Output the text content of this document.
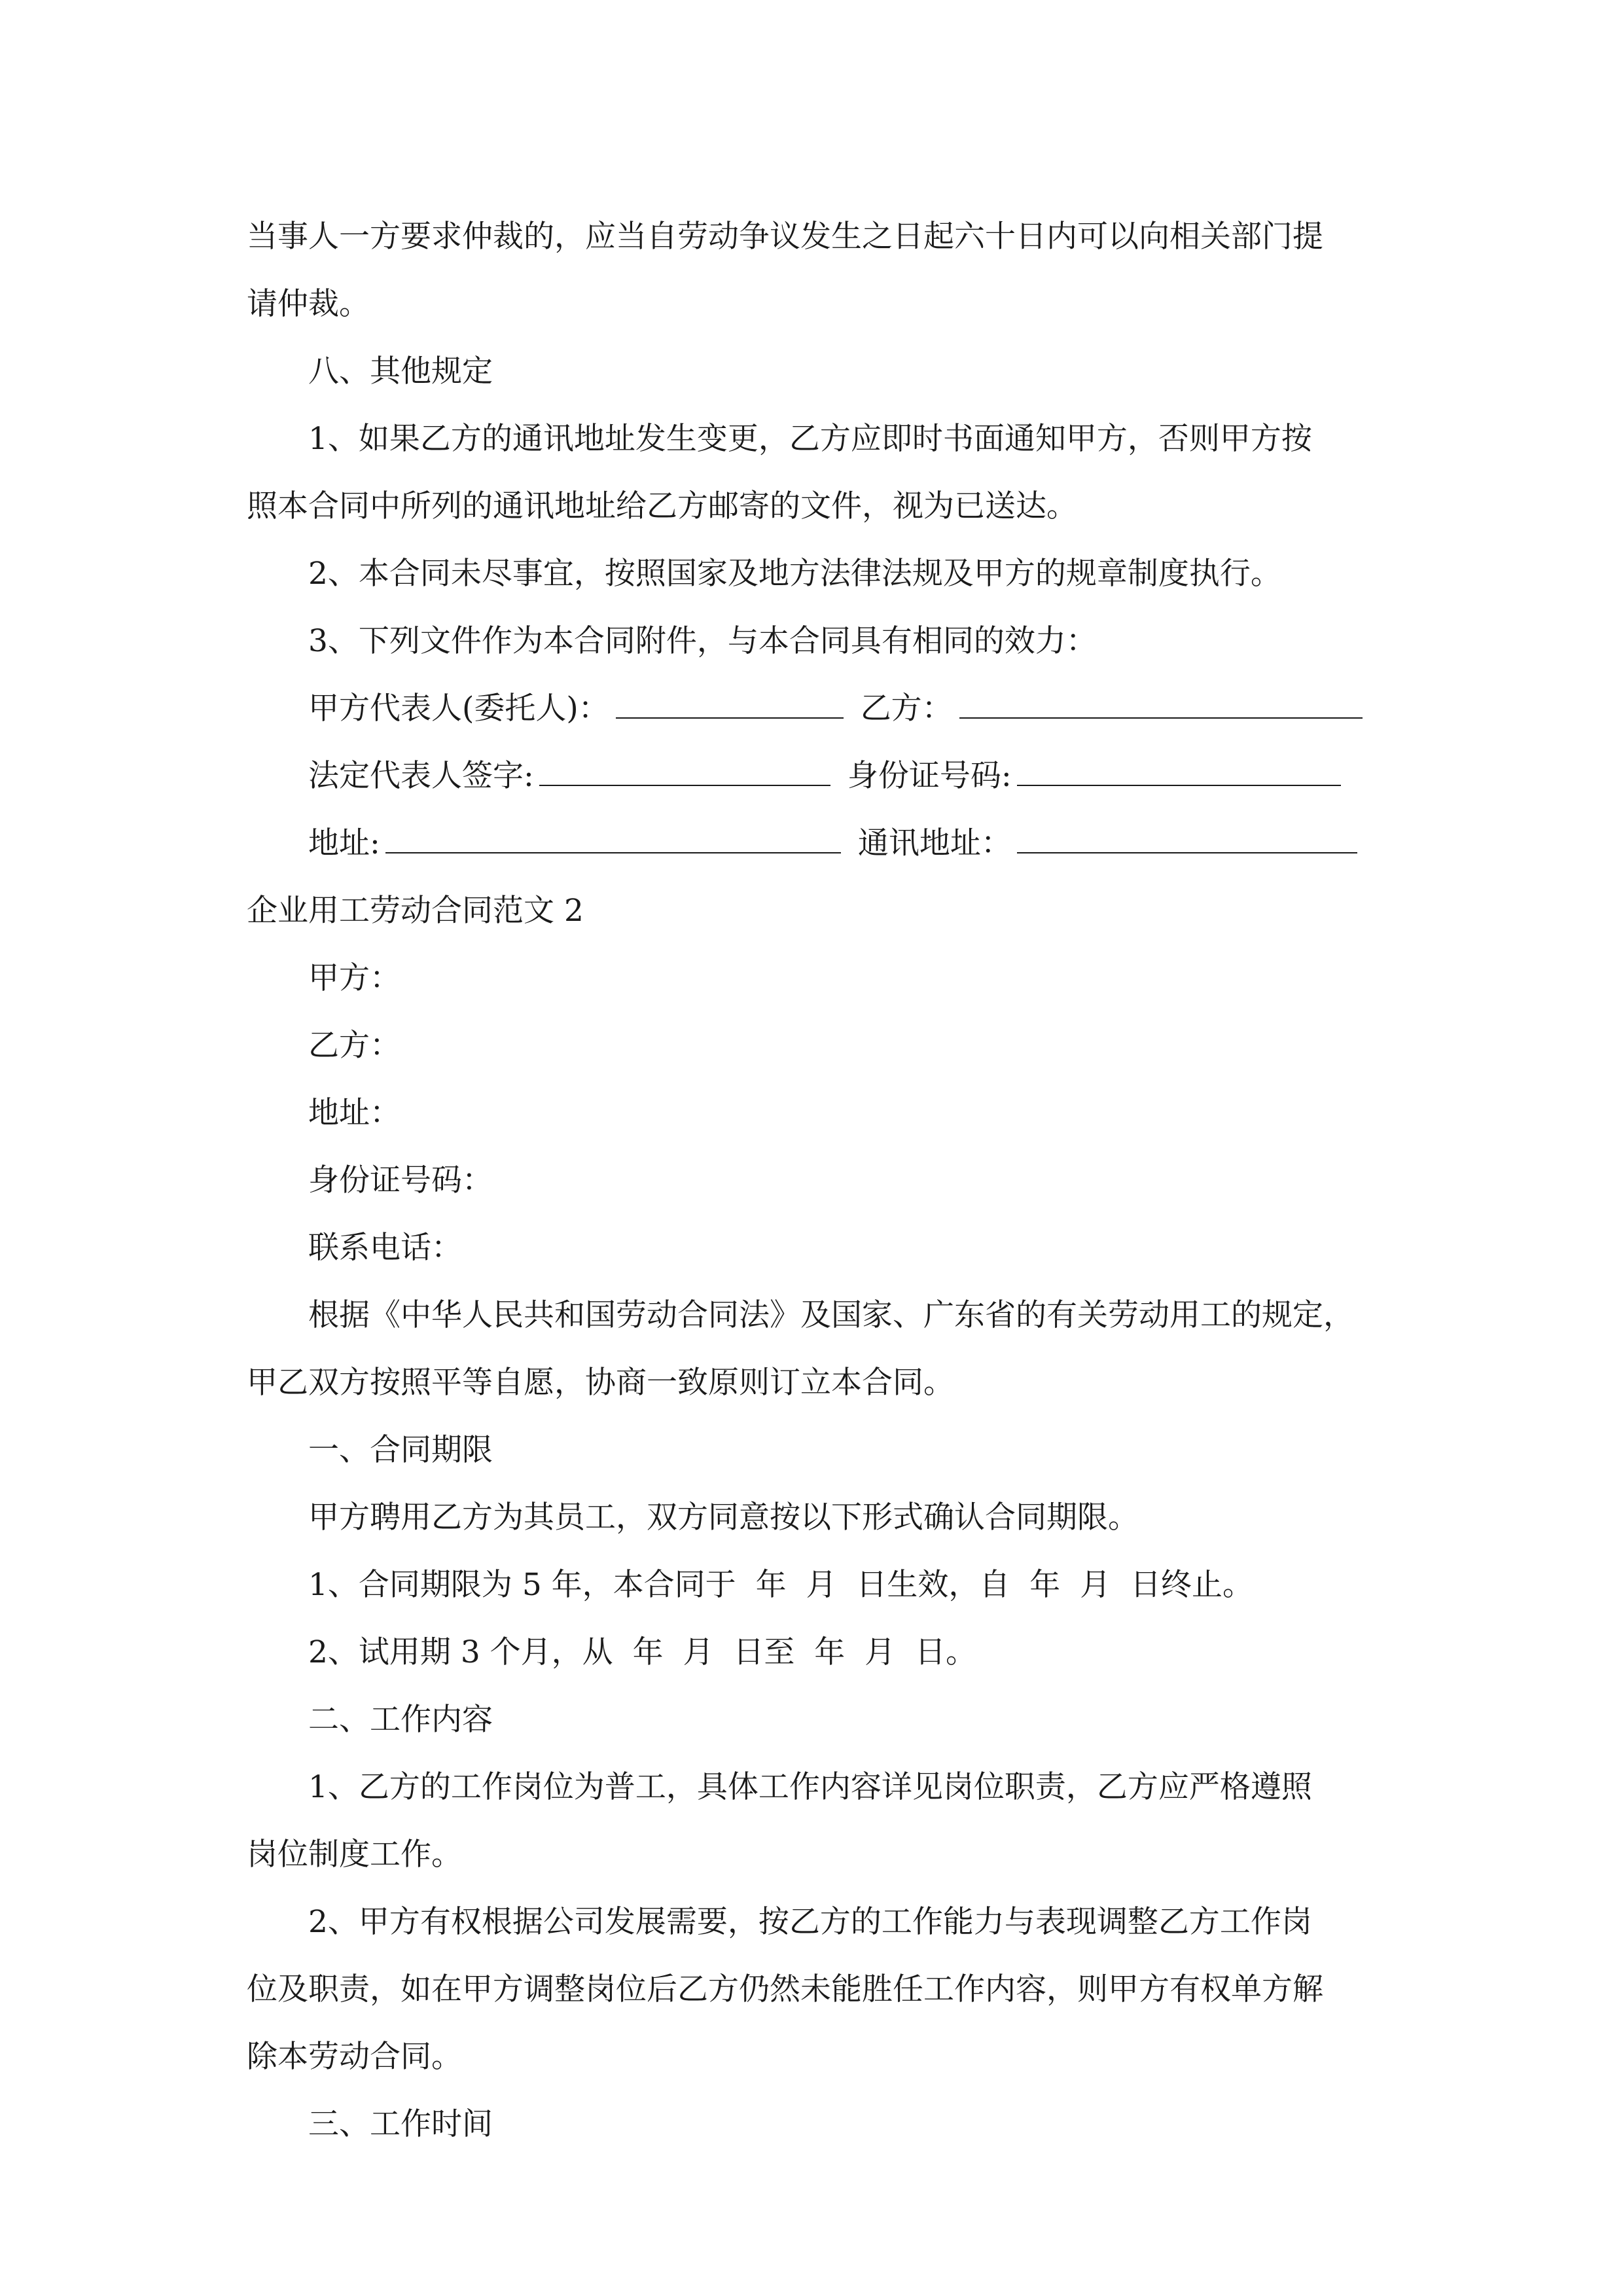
当事人一方要求仲裁的，应当自劳动争议发生之日起六十日内可以向相关部门提

请仲裁。

八、其他规定

1、如果乙方的通讯地址发生变更，乙方应即时书面通知甲方，否则甲方按

照本合同中所列的通讯地址给乙方邮寄的文件，视为已送达。

2、本合同未尽事宜，按照国家及地方法律法规及甲方的规章制度执行。

3、下列文件作为本合同附件，与本合同具有相同的效力：

甲方代表人(委托人)：	乙方：
法定代表人签字:	身份证号码:
地址:	通讯地址：

企业用工劳动合同范文 2

甲方：

乙方：

地址：

身份证号码：

联系电话：

根据《中华人民共和国劳动合同法》及国家、广东省的有关劳动用工的规定，

甲乙双方按照平等自愿，协商一致原则订立本合同。

一、合同期限

甲方聘用乙方为其员工，双方同意按以下形式确认合同期限。

1、合同期限为 5 年，本合同于  年  月  日生效，自  年  月  日终止。

2、试用期 3 个月，从  年  月  日至  年  月  日。

二、工作内容

1、乙方的工作岗位为普工，具体工作内容详见岗位职责，乙方应严格遵照

岗位制度工作。

2、甲方有权根据公司发展需要，按乙方的工作能力与表现调整乙方工作岗

位及职责，如在甲方调整岗位后乙方仍然未能胜任工作内容，则甲方有权单方解

除本劳动合同。

三、工作时间
